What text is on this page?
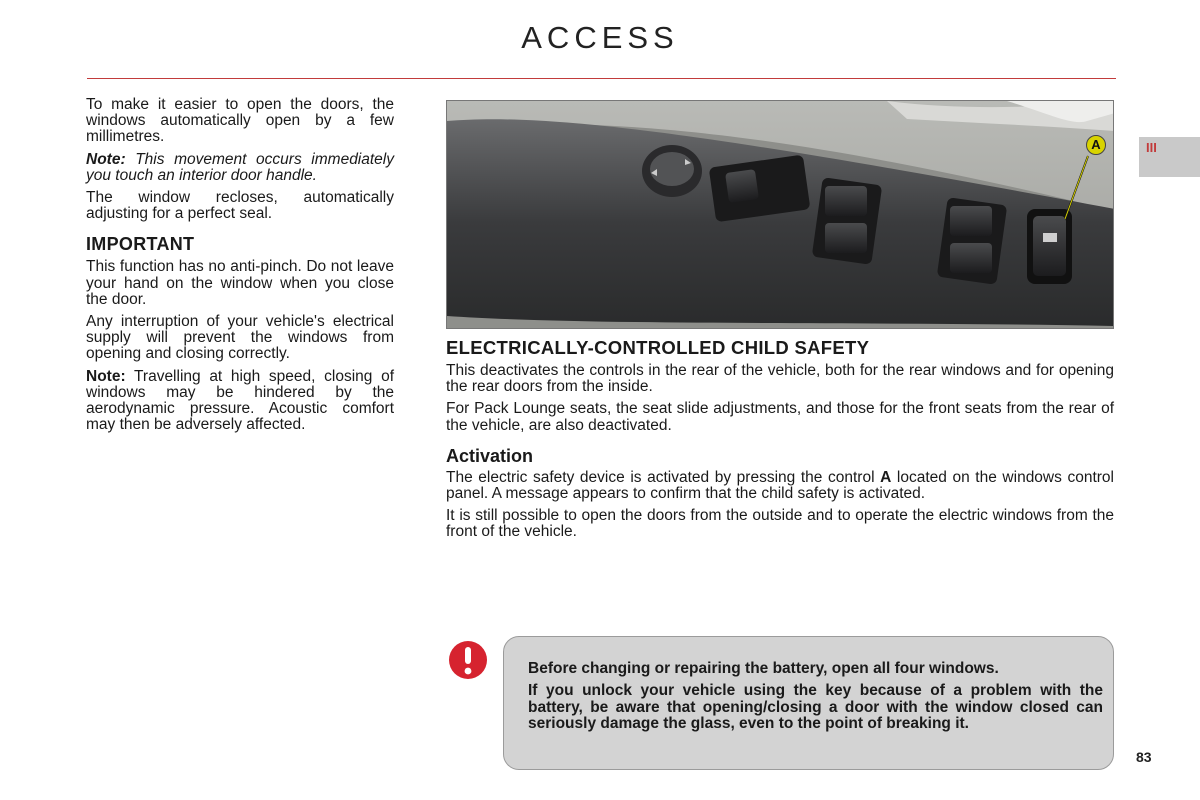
ACCESS
III

To make it easier to open the doors, the windows automatically open by a few millimetres.

Note: This movement occurs immediately you touch an interior door handle.

The window recloses, automatically adjusting for a perfect seal.

IMPORTANT

This function has no anti-pinch. Do not leave your hand on the window when you close the door.

Any interruption of your vehicle's electrical supply will prevent the windows from opening and closing correctly.

Note: Travelling at high speed, closing of windows may be hindered by the aerodynamic pressure. Acoustic comfort may then be adversely affected.

A
ELECTRICALLY-CONTROLLED CHILD SAFETY

This deactivates the controls in the rear of the vehicle, both for the rear windows and for opening the rear doors from the inside.

For Pack Lounge seats, the seat slide adjustments, and those for the front seats from the rear of the vehicle, are also deactivated.

Activation

The electric safety device is activated by pressing the control A located on the windows control panel. A message appears to confirm that the child safety is activated.

It is still possible to open the doors from the outside and to operate the electric windows from the front of the vehicle.

Before changing or repairing the battery, open all four windows.

If you unlock your vehicle using the key because of a problem with the battery, be aware that opening/closing a door with the window closed can seriously damage the glass, even to the point of breaking it.

83
